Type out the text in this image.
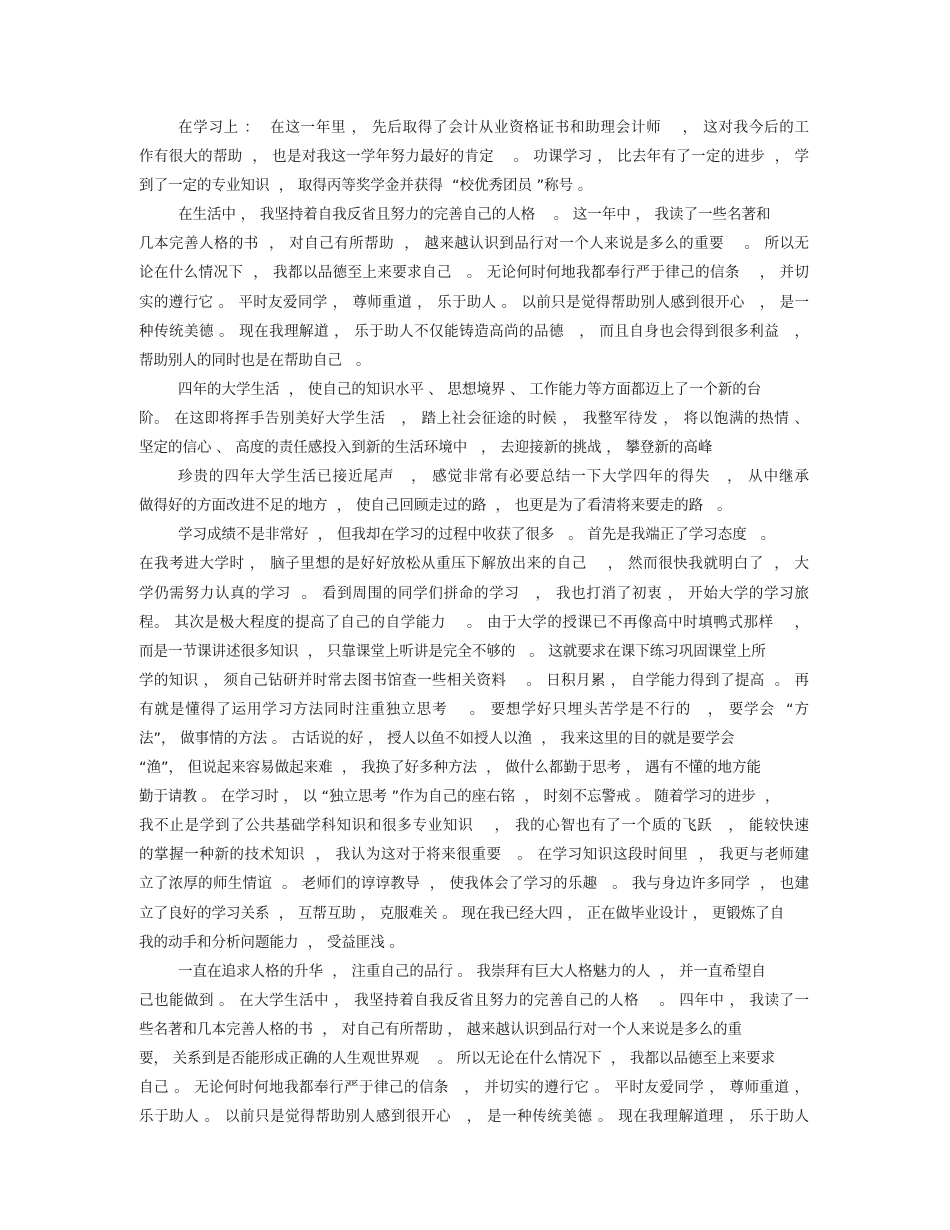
在学习上 ：  在这一年里 ， 先后取得了会计从业资格证书和助理会计师    ， 这对我今后的工
作有很大的帮助  ， 也是对我这一学年努力最好的肯定    。 功课学习 ， 比去年有了一定的进步  ， 学
到了一定的专业知识  ， 取得丙等奖学金并获得  “校优秀团员 ”称号 。
在生活中 ， 我坚持着自我反省且努力的完善自己的人格    。 这一年中 ， 我读了一些名著和
几本完善人格的书  ， 对自己有所帮助  ， 越来越认识到品行对一个人来说是多么的重要    。 所以无
论在什么情况下  ， 我都以品德至上来要求自己   。 无论何时何地我都奉行严于律己的信条    ， 并切
实的遵行它 。 平时友爱同学 ， 尊师重道 ， 乐于助人 。 以前只是觉得帮助别人感到很开心   ， 是一
种传统美德 。 现在我理解道 ， 乐于助人不仅能铸造高尚的品德   ， 而且自身也会得到很多利益   ，
帮助别人的同时也是在帮助自己   。
四年的大学生活  ， 使自己的知识水平 、 思想境界 、 工作能力等方面都迈上了一个新的台
阶。 在这即将挥手告别美好大学生活   ， 踏上社会征途的时候 ， 我整军待发 ， 将以饱满的热情 、
坚定的信心 、 高度的责任感投入到新的生活环境中   ， 去迎接新的挑战 ， 攀登新的高峰
珍贵的四年大学生活已接近尾声   ， 感觉非常有必要总结一下大学四年的得失   ， 从中继承
做得好的方面改进不足的地方  ， 使自己回顾走过的路  ， 也更是为了看清将来要走的路   。
学习成绩不是非常好  ， 但我却在学习的过程中收获了很多   。 首先是我端正了学习态度   。
在我考进大学时 ， 脑子里想的是好好放松从重压下解放出来的自己    ， 然而很快我就明白了  ， 大
学仍需努力认真的学习  。 看到周围的同学们拼命的学习   ， 我也打消了初衷 ， 开始大学的学习旅
程。 其次是极大程度的提高了自己的自学能力    。 由于大学的授课已不再像高中时填鸭式那样    ，
而是一节课讲述很多知识  ， 只靠课堂上听讲是完全不够的   。 这就要求在课下练习巩固课堂上所
学的知识 ， 须自己钻研并时常去图书馆查一些相关资料    。 日积月累 ， 自学能力得到了提高  。 再
有就是懂得了运用学习方法同时注重独立思考    。 要想学好只埋头苦学是不行的   ， 要学会  “方
法”， 做事情的方法 。 古话说的好 ， 授人以鱼不如授人以渔  ， 我来这里的目的就是要学会
“渔”， 但说起来容易做起来难  ， 我换了好多种方法  ， 做什么都勤于思考 ， 遇有不懂的地方能
勤于请教 。 在学习时 ， 以 “独立思考 ”作为自己的座右铭  ， 时刻不忘警戒 。 随着学习的进步  ，
我不止是学到了公共基础学科知识和很多专业知识    ， 我的心智也有了一个质的飞跃   ， 能较快速
的掌握一种新的技术知识  ， 我认为这对于将来很重要   。 在学习知识这段时间里  ， 我更与老师建
立了浓厚的师生情谊  。 老师们的谆谆教导  ， 使我体会了学习的乐趣   。 我与身边许多同学  ， 也建
立了良好的学习关系  ， 互帮互助 ， 克服难关 。 现在我已经大四 ， 正在做毕业设计 ， 更锻炼了自
我的动手和分析问题能力  ， 受益匪浅 。
一直在追求人格的升华  ， 注重自己的品行 。 我崇拜有巨大人格魅力的人  ， 并一直希望自
己也能做到 。 在大学生活中 ， 我坚持着自我反省且努力的完善自己的人格    。 四年中 ， 我读了一
些名著和几本完善人格的书  ， 对自己有所帮助 ， 越来越认识到品行对一个人来说是多么的重
要， 关系到是否能形成正确的人生观世界观    。 所以无论在什么情况下  ， 我都以品德至上来要求
自己 。 无论何时何地我都奉行严于律己的信条   ， 并切实的遵行它 。 平时友爱同学 ， 尊师重道 ，
乐于助人 。 以前只是觉得帮助别人感到很开心   ， 是一种传统美德 。 现在我理解道理 ， 乐于助人
